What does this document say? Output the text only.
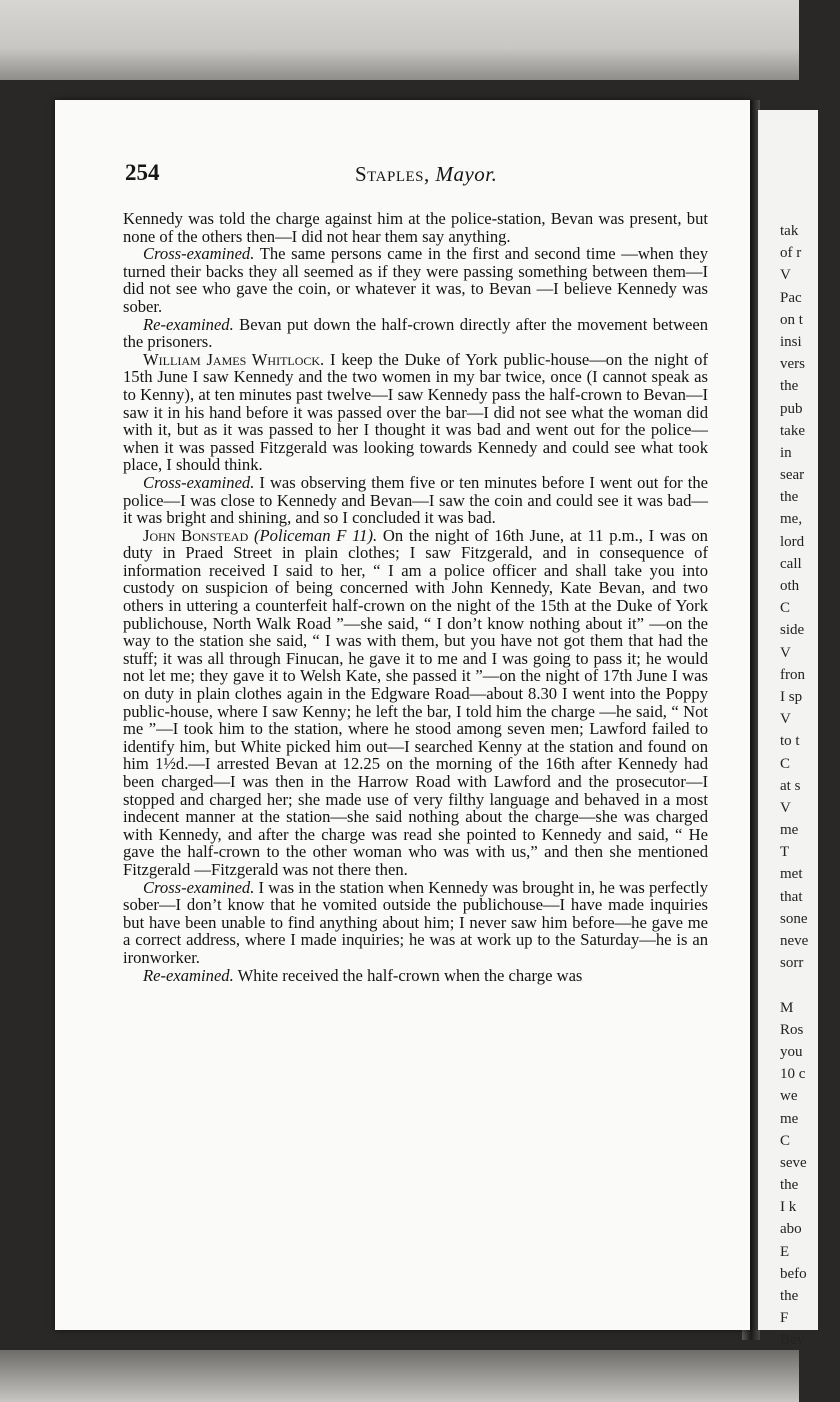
tak
of r
V
Pac
on t
insi
vers
the
pub
take
in
sear
the
me,
lord
call
oth
C
side
V
fron
I sp
V
to t
C
at s
V
me
T
met
that
sone
neve
sorr
M
Ros
you
10 c
we
me
C
seve
the
I k
abo
E
befo
the
F
Bev
254	Staples, Mayor.

Kennedy was told the charge against him at the police-station, Bevan was present, but none of the others then—I did not hear them say anything.

Cross-examined. The same persons came in the first and second time —when they turned their backs they all seemed as if they were passing something between them—I did not see who gave the coin, or whatever it was, to Bevan —I believe Kennedy was sober.

Re-examined. Bevan put down the half-crown directly after the movement between the prisoners.

William James Whitlock. I keep the Duke of York public-house—on the night of 15th June I saw Kennedy and the two women in my bar twice, once (I cannot speak as to Kenny), at ten minutes past twelve—I saw Kennedy pass the half-crown to Bevan—I saw it in his hand before it was passed over the bar—I did not see what the woman did with it, but as it was passed to her I thought it was bad and went out for the police—when it was passed Fitzgerald was looking towards Kennedy and could see what took place, I should think.

Cross-examined. I was observing them five or ten minutes before I went out for the police—I was close to Kennedy and Bevan—I saw the coin and could see it was bad—it was bright and shining, and so I concluded it was bad.

John Bonstead (Policeman F 11). On the night of 16th June, at 11 p.m., I was on duty in Praed Street in plain clothes; I saw Fitzgerald, and in consequence of information received I said to her, “ I am a police officer and shall take you into custody on suspicion of being concerned with John Kennedy, Kate Bevan, and two others in uttering a counterfeit half-crown on the night of the 15th at the Duke of York publichouse, North Walk Road ”—she said, “ I don’t know nothing about it” —on the way to the station she said, “ I was with them, but you have not got them that had the stuff; it was all through Finucan, he gave it to me and I was going to pass it; he would not let me; they gave it to Welsh Kate, she passed it ”—on the night of 17th June I was on duty in plain clothes again in the Edgware Road—about 8.30 I went into the Poppy public-house, where I saw Kenny; he left the bar, I told him the charge —he said, “ Not me ”—I took him to the station, where he stood among seven men; Lawford failed to identify him, but White picked him out—I searched Kenny at the station and found on him 1½d.—I arrested Bevan at 12.25 on the morning of the 16th after Kennedy had been charged—I was then in the Harrow Road with Lawford and the prosecutor—I stopped and charged her; she made use of very filthy language and behaved in a most indecent manner at the station—she said nothing about the charge—she was charged with Kennedy, and after the charge was read she pointed to Kennedy and said, “ He gave the half-crown to the other woman who was with us,” and then she mentioned Fitzgerald —Fitzgerald was not there then.

Cross-examined. I was in the station when Kennedy was brought in, he was perfectly sober—I don’t know that he vomited outside the publichouse—I have made inquiries but have been unable to find anything about him; I never saw him before—he gave me a correct address, where I made inquiries; he was at work up to the Saturday—he is an ironworker.

Re-examined. White received the half-crown when the charge was
